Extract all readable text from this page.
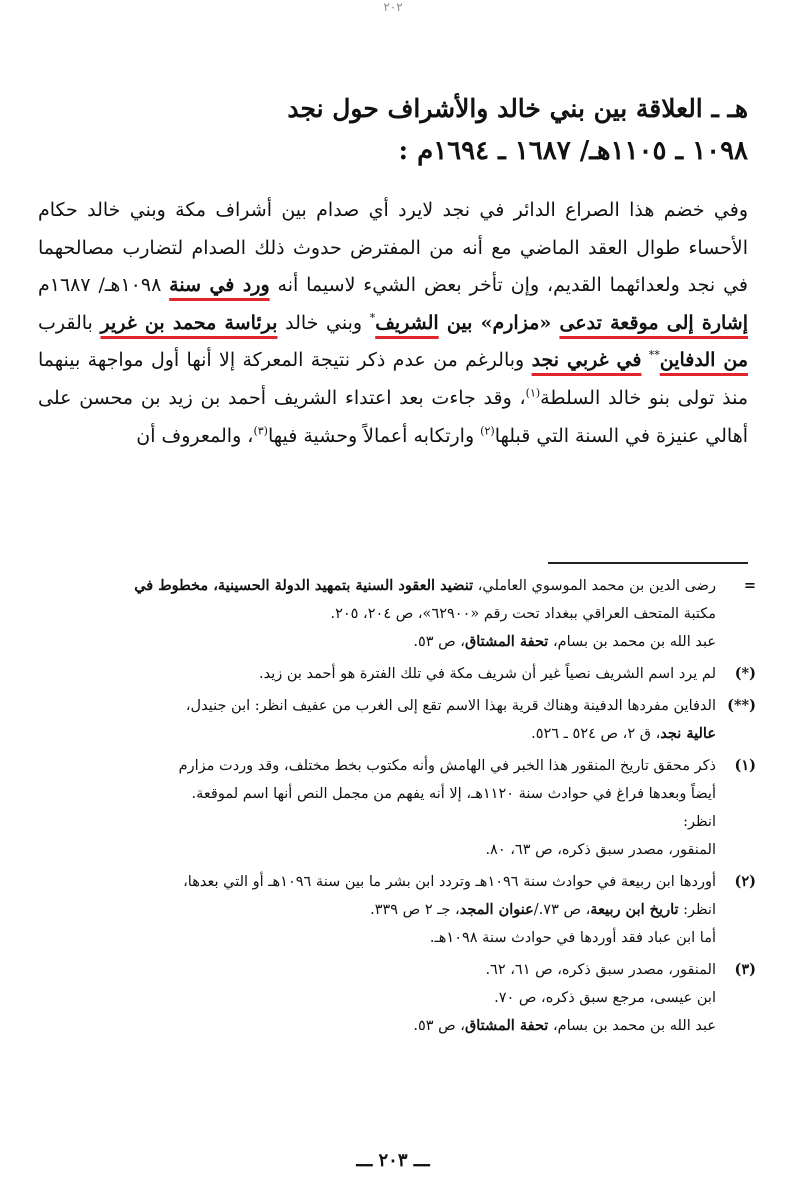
٢٠٢
هـ ـ العلاقة بين بني خالد والأشراف حول نجد
١٠٩٨ ـ ١١٠٥هـ/ ١٦٨٧ ـ ١٦٩٤م :

وفي خضم هذا الصراع الدائر في نجد لايرد أي صدام بين أشراف مكة وبني خالد حكام الأحساء طوال العقد الماضي مع أنه من المفترض حدوث ذلك الصدام لتضارب مصالحهما في نجد ولعدائهما القديم، وإن تأخر بعض الشيء لاسيما أنه ورد في سنة ١٠٩٨هـ/ ١٦٨٧م إشارة إلى موقعة تدعى «مزارم» بين الشريف* وبني خالد برئاسة محمد بن غرير بالقرب من الدفاين** في غربي نجد وبالرغم من عدم ذكر نتيجة المعركة إلا أنها أول مواجهة بينهما منذ تولى بنو خالد السلطة$^{(١)}$، وقد جاءت بعد اعتداء الشريف أحمد بن زيد بن محسن على أهالي عنيزة في السنة التي قبلها$^{(٢)}$ وارتكابه أعمالاً وحشية فيها$^{(٣)}$، والمعروف أن

=
رضى الدين بن محمد الموسوي العاملي، تنضيد العقود السنية بتمهيد الدولة الحسينية، مخطوط في
مكتبة المتحف العراقي ببغداد تحت رقم «٦٢٩٠٠»، ص ٢٠٤، ٢٠٥.
عبد الله بن محمد بن بسام، تحفة المشتاق، ص ٥٣.
(*)
لم يرد اسم الشريف نصياً غير أن شريف مكة في تلك الفترة هو أحمد بن زيد.
(**)
الدفاين مفردها الدفينة وهناك قرية بهذا الاسم تقع إلى الغرب من عفيف انظر: ابن جنيدل،
عالية نجد، ق ٢، ص ٥٢٤ ـ ٥٢٦.
(١)
ذكر محقق تاريخ المنقور هذا الخبر في الهامش وأنه مكتوب بخط مختلف، وقد وردت مزارم
أيضاً وبعدها فراغ في حوادث سنة ١١٢٠هـ، إلا أنه يفهم من مجمل النص أنها اسم لموقعة.
انظر:
المنقور، مصدر سبق ذكره، ص ٦٣، ٨٠.
(٢)
أوردها ابن ربيعة في حوادث سنة ١٠٩٦هـ وتردد ابن بشر ما بين سنة ١٠٩٦هـ أو التي بعدها،
انظر: تاريخ ابن ربيعة، ص ٧٣./عنوان المجد، جـ ٢ ص ٣٣٩.
أما ابن عباد فقد أوردها في حوادث سنة ١٠٩٨هـ.
(٣)
المنقور، مصدر سبق ذكره، ص ٦١، ٦٢.
ابن عيسى، مرجع سبق ذكره، ص ٧٠.
عبد الله بن محمد بن بسام، تحفة المشتاق، ص ٥٣.
ـــ ٢٠٣ ـــ
